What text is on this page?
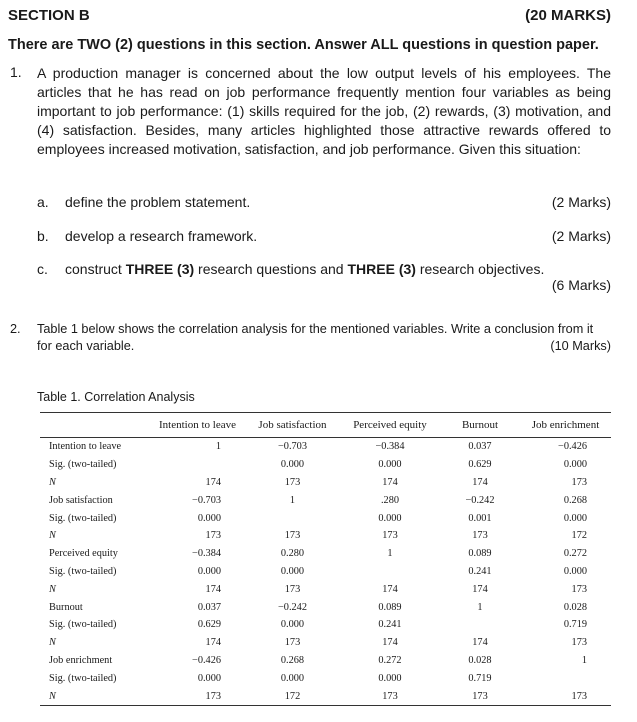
SECTION B	(20 MARKS)
There are TWO (2) questions in this section. Answer ALL questions in question paper.
1. A production manager is concerned about the low output levels of his employees. The articles that he has read on job performance frequently mention four variables as being important to job performance: (1) skills required for the job, (2) rewards, (3) motivation, and (4) satisfaction. Besides, many articles highlighted those attractive rewards offered to employees increased motivation, satisfaction, and job performance. Given this situation:
a. define the problem statement.	(2 Marks)
b. develop a research framework.	(2 Marks)
c. construct THREE (3) research questions and THREE (3) research objectives.
(6 Marks)
2. Table 1 below shows the correlation analysis for the mentioned variables. Write a conclusion from it for each variable.	(10 Marks)
Table 1. Correlation Analysis
	Intention to leave	Job satisfaction	Perceived equity	Burnout	Job enrichment
Intention to leave	1	−0.703	−0.384	0.037	−0.426
Sig. (two-tailed)		0.000	0.000	0.629	0.000
N	174	173	174	174	173
Job satisfaction	−0.703	1	.280	−0.242	0.268
Sig. (two-tailed)	0.000		0.000	0.001	0.000
N	173	173	173	173	172
Perceived equity	−0.384	0.280	1	0.089	0.272
Sig. (two-tailed)	0.000	0.000		0.241	0.000
N	174	173	174	174	173
Burnout	0.037	−0.242	0.089	1	0.028
Sig. (two-tailed)	0.629	0.000	0.241		0.719
N	174	173	174	174	173
Job enrichment	−0.426	0.268	0.272	0.028	1
Sig. (two-tailed)	0.000	0.000	0.000	0.719	
N	173	172	173	173	173
